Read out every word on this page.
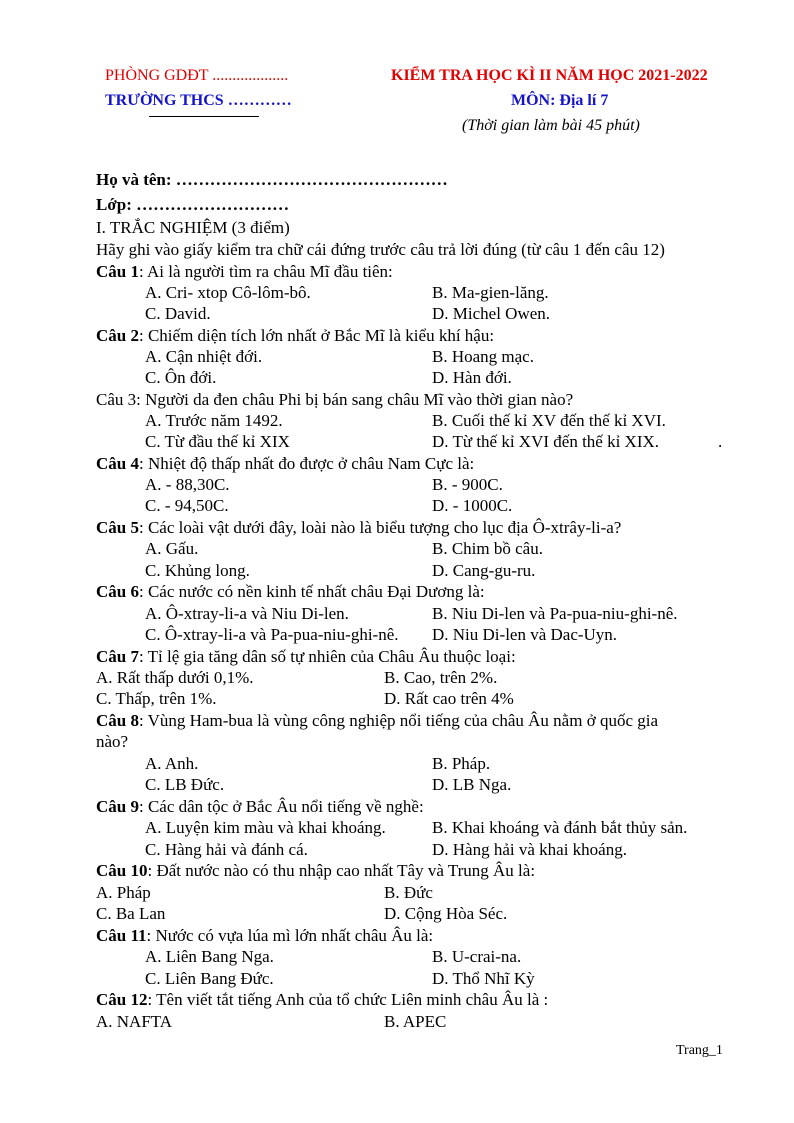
PHÒNG GDĐT ...................
TRƯỜNG THCS …………
KIỂM TRA HỌC KÌ II NĂM HỌC 2021-2022
MÔN: Địa lí 7
(Thời gian làm bài 45 phút)
Họ và tên: …………………………………………
Lớp: ………………………
I. TRẮC NGHIỆM (3 điểm)
Hãy ghi vào giấy kiểm tra chữ cái đứng trước câu trả lời đúng (từ câu 1 đến câu 12)
Câu 1: Ai là người tìm ra châu Mĩ đầu tiên:
A. Cri- xtop Cô-lôm-bô.	B. Ma-gien-lăng.
C. David.	D. Michel Owen.
Câu 2: Chiếm diện tích lớn nhất ở Bắc Mĩ là kiểu khí hậu:
A. Cận nhiệt đới.	B. Hoang mạc.
C. Ôn đới.	D. Hàn đới.
Câu 3: Người da đen châu Phi bị bán sang châu Mĩ vào thời gian nào?
A. Trước năm 1492.	B. Cuối thế kỉ XV đến thế kỉ XVI.
C. Từ đầu thế kỉ XIX	D. Từ thế kỉ XVI đến thế kỉ XIX.	.
Câu 4: Nhiệt độ thấp nhất đo được ở châu Nam Cực là:
A. - 88,30C.	B. - 900C.
C. - 94,50C.	D. - 1000C.
Câu 5: Các loài vật dưới đây, loài nào là biểu tượng cho lục địa Ô-xtrây-li-a?
A. Gấu.	B. Chim bồ câu.
C. Khủng long.	D. Cang-gu-ru.
Câu 6: Các nước có nền kinh tế nhất châu Đại Dương là:
A. Ô-xtray-li-a và Niu Di-len.	B. Niu Di-len và Pa-pua-niu-ghi-nê.
C. Ô-xtray-li-a và Pa-pua-niu-ghi-nê. D. Niu Di-len và Dac-Uyn.
Câu 7: Tỉ lệ gia tăng dân số tự nhiên của Châu Âu thuộc loại:
A. Rất thấp dưới 0,1%.	B. Cao, trên 2%.
C. Thấp, trên 1%.	D. Rất cao trên 4%
Câu 8: Vùng Ham-bua là vùng công nghiệp nổi tiếng của châu Âu nằm ở quốc gia
nào?
A. Anh.	B. Pháp.
C. LB Đức.	D. LB Nga.
Câu 9: Các dân tộc ở Bắc Âu nổi tiếng về nghề:
A. Luyện kim màu và khai khoáng.	B. Khai khoáng và đánh bắt thủy sản.
C. Hàng hải và đánh cá.	D. Hàng hải và khai khoáng.
Câu 10: Đất nước nào có thu nhập cao nhất Tây và Trung Âu là:
A. Pháp	B. Đức
C. Ba Lan	D. Cộng Hòa Séc.
Câu 11: Nước có vựa lúa mì lớn nhất châu Âu là:
A. Liên Bang Nga.	B. U-crai-na.
C. Liên Bang Đức.	D. Thổ Nhĩ Kỳ
Câu 12: Tên viết tắt tiếng Anh của tổ chức Liên minh châu Âu là :
A. NAFTA	B. APEC
Trang_1
